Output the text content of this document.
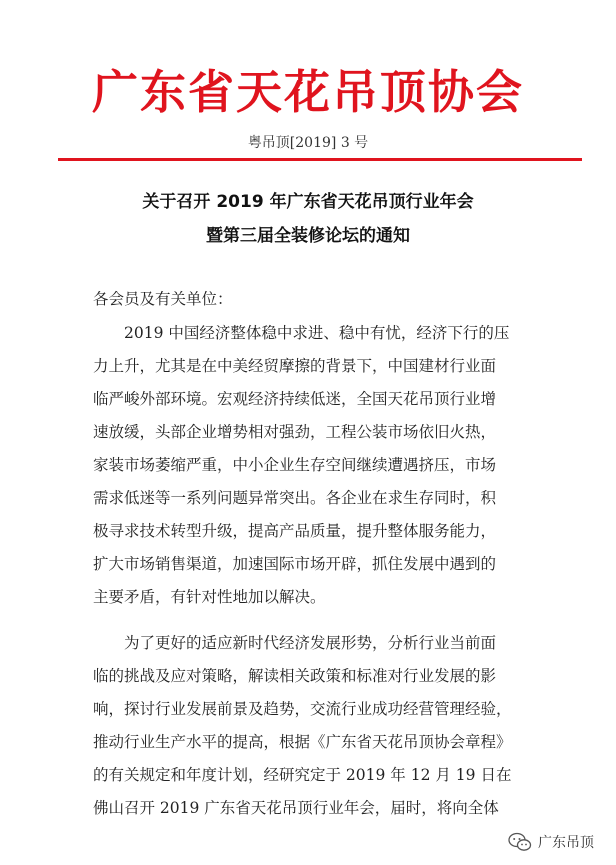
广东省天花吊顶协会
粤吊顶[2019] 3 号
关于召开 2019 年广东省天花吊顶行业年会
暨第三届全装修论坛的通知
各会员及有关单位：
2019 中国经济整体稳中求进、稳中有忧，经济下行的压
力上升，尤其是在中美经贸摩擦的背景下，中国建材行业面
临严峻外部环境。宏观经济持续低迷，全国天花吊顶行业增
速放缓，头部企业增势相对强劲，工程公装市场依旧火热，
家装市场萎缩严重，中小企业生存空间继续遭遇挤压，市场
需求低迷等一系列问题异常突出。各企业在求生存同时，积
极寻求技术转型升级，提高产品质量，提升整体服务能力，
扩大市场销售渠道，加速国际市场开辟，抓住发展中遇到的
主要矛盾，有针对性地加以解决。
为了更好的适应新时代经济发展形势，分析行业当前面
临的挑战及应对策略，解读相关政策和标准对行业发展的影
响，探讨行业发展前景及趋势，交流行业成功经营管理经验，
推动行业生产水平的提高，根据《广东省天花吊顶协会章程》
的有关规定和年度计划，经研究定于 2019 年 12 月 19 日在
佛山召开 2019 广东省天花吊顶行业年会，届时，将向全体
广东吊顶
